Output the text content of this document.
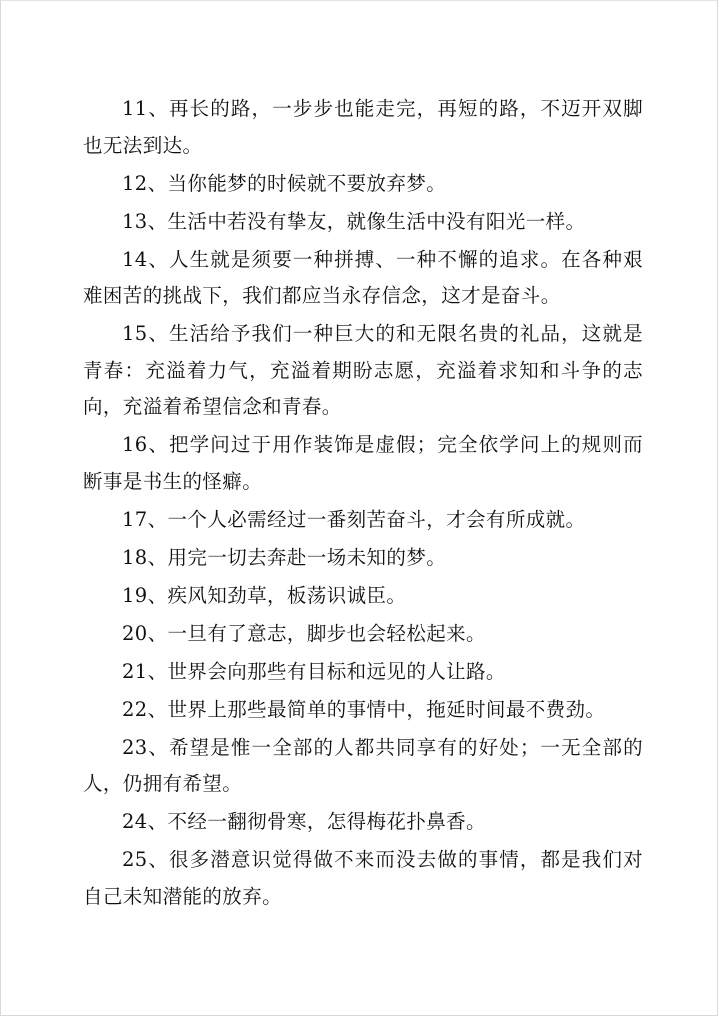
11、再长的路，一步步也能走完，再短的路，不迈开双脚也无法到达。

12、当你能梦的时候就不要放弃梦。

13、生活中若没有挚友，就像生活中没有阳光一样。

14、人生就是须要一种拼搏、一种不懈的追求。在各种艰难困苦的挑战下，我们都应当永存信念，这才是奋斗。

15、生活给予我们一种巨大的和无限名贵的礼品，这就是青春：充溢着力气，充溢着期盼志愿，充溢着求知和斗争的志向，充溢着希望信念和青春。

16、把学问过于用作装饰是虚假；完全依学问上的规则而断事是书生的怪癖。

17、一个人必需经过一番刻苦奋斗，才会有所成就。

18、用完一切去奔赴一场未知的梦。

19、疾风知劲草，板荡识诚臣。

20、一旦有了意志，脚步也会轻松起来。

21、世界会向那些有目标和远见的人让路。

22、世界上那些最简单的事情中，拖延时间最不费劲。

23、希望是惟一全部的人都共同享有的好处；一无全部的人，仍拥有希望。

24、不经一翻彻骨寒，怎得梅花扑鼻香。

25、很多潜意识觉得做不来而没去做的事情，都是我们对自己未知潜能的放弃。
